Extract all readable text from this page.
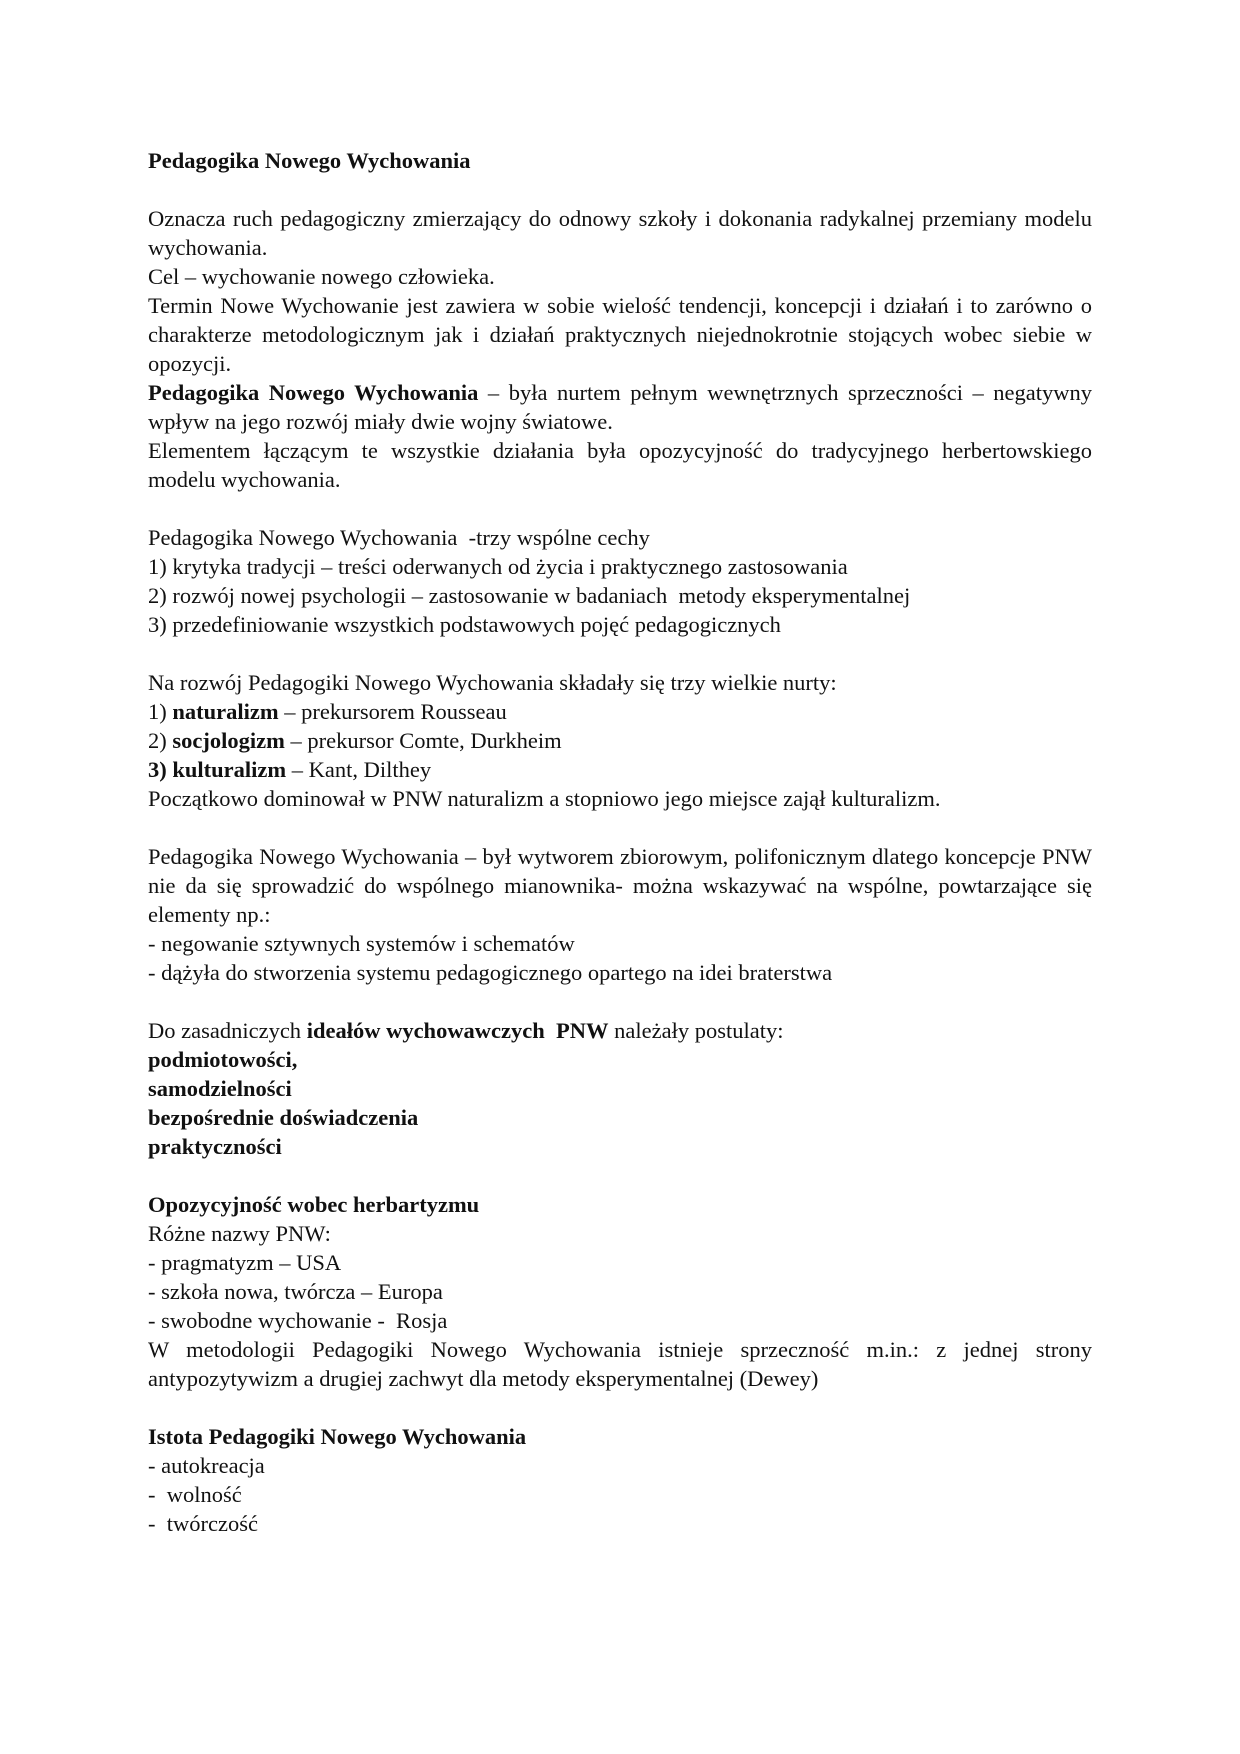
Pedagogika Nowego Wychowania

Oznacza ruch pedagogiczny zmierzający do odnowy szkoły i dokonania radykalnej przemiany modelu wychowania.

Cel – wychowanie nowego człowieka.

Termin Nowe Wychowanie jest zawiera w sobie wielość tendencji, koncepcji i działań i to zarówno o charakterze metodologicznym jak i działań praktycznych niejednokrotnie stojących wobec siebie w opozycji.

Pedagogika Nowego Wychowania – była nurtem pełnym wewnętrznych sprzeczności – negatywny wpływ na jego rozwój miały dwie wojny światowe.

Elementem łączącym te wszystkie działania była opozycyjność do tradycyjnego herbertowskiego modelu wychowania.

Pedagogika Nowego Wychowania  -trzy wspólne cechy

1) krytyka tradycji – treści oderwanych od życia i praktycznego zastosowania

2) rozwój nowej psychologii – zastosowanie w badaniach  metody eksperymentalnej

3) przedefiniowanie wszystkich podstawowych pojęć pedagogicznych

Na rozwój Pedagogiki Nowego Wychowania składały się trzy wielkie nurty:

1) naturalizm – prekursorem Rousseau

2) socjologizm – prekursor Comte, Durkheim

3) kulturalizm – Kant, Dilthey

Początkowo dominował w PNW naturalizm a stopniowo jego miejsce zajął kulturalizm.

Pedagogika Nowego Wychowania – był wytworem zbiorowym, polifonicznym dlatego koncepcje PNW nie da się sprowadzić do wspólnego mianownika- można wskazywać na wspólne, powtarzające się elementy np.:

- negowanie sztywnych systemów i schematów

- dążyła do stworzenia systemu pedagogicznego opartego na idei braterstwa

Do zasadniczych ideałów wychowawczych  PNW należały postulaty:

podmiotowości,

samodzielności

bezpośrednie doświadczenia

praktyczności

Opozycyjność wobec herbartyzmu

Różne nazwy PNW:

- pragmatyzm – USA

- szkoła nowa, twórcza – Europa

- swobodne wychowanie -  Rosja

W metodologii Pedagogiki Nowego Wychowania istnieje sprzeczność m.in.: z jednej strony antypozytywizm a drugiej zachwyt dla metody eksperymentalnej (Dewey)

Istota Pedagogiki Nowego Wychowania

- autokreacja

-  wolność

-  twórczość
